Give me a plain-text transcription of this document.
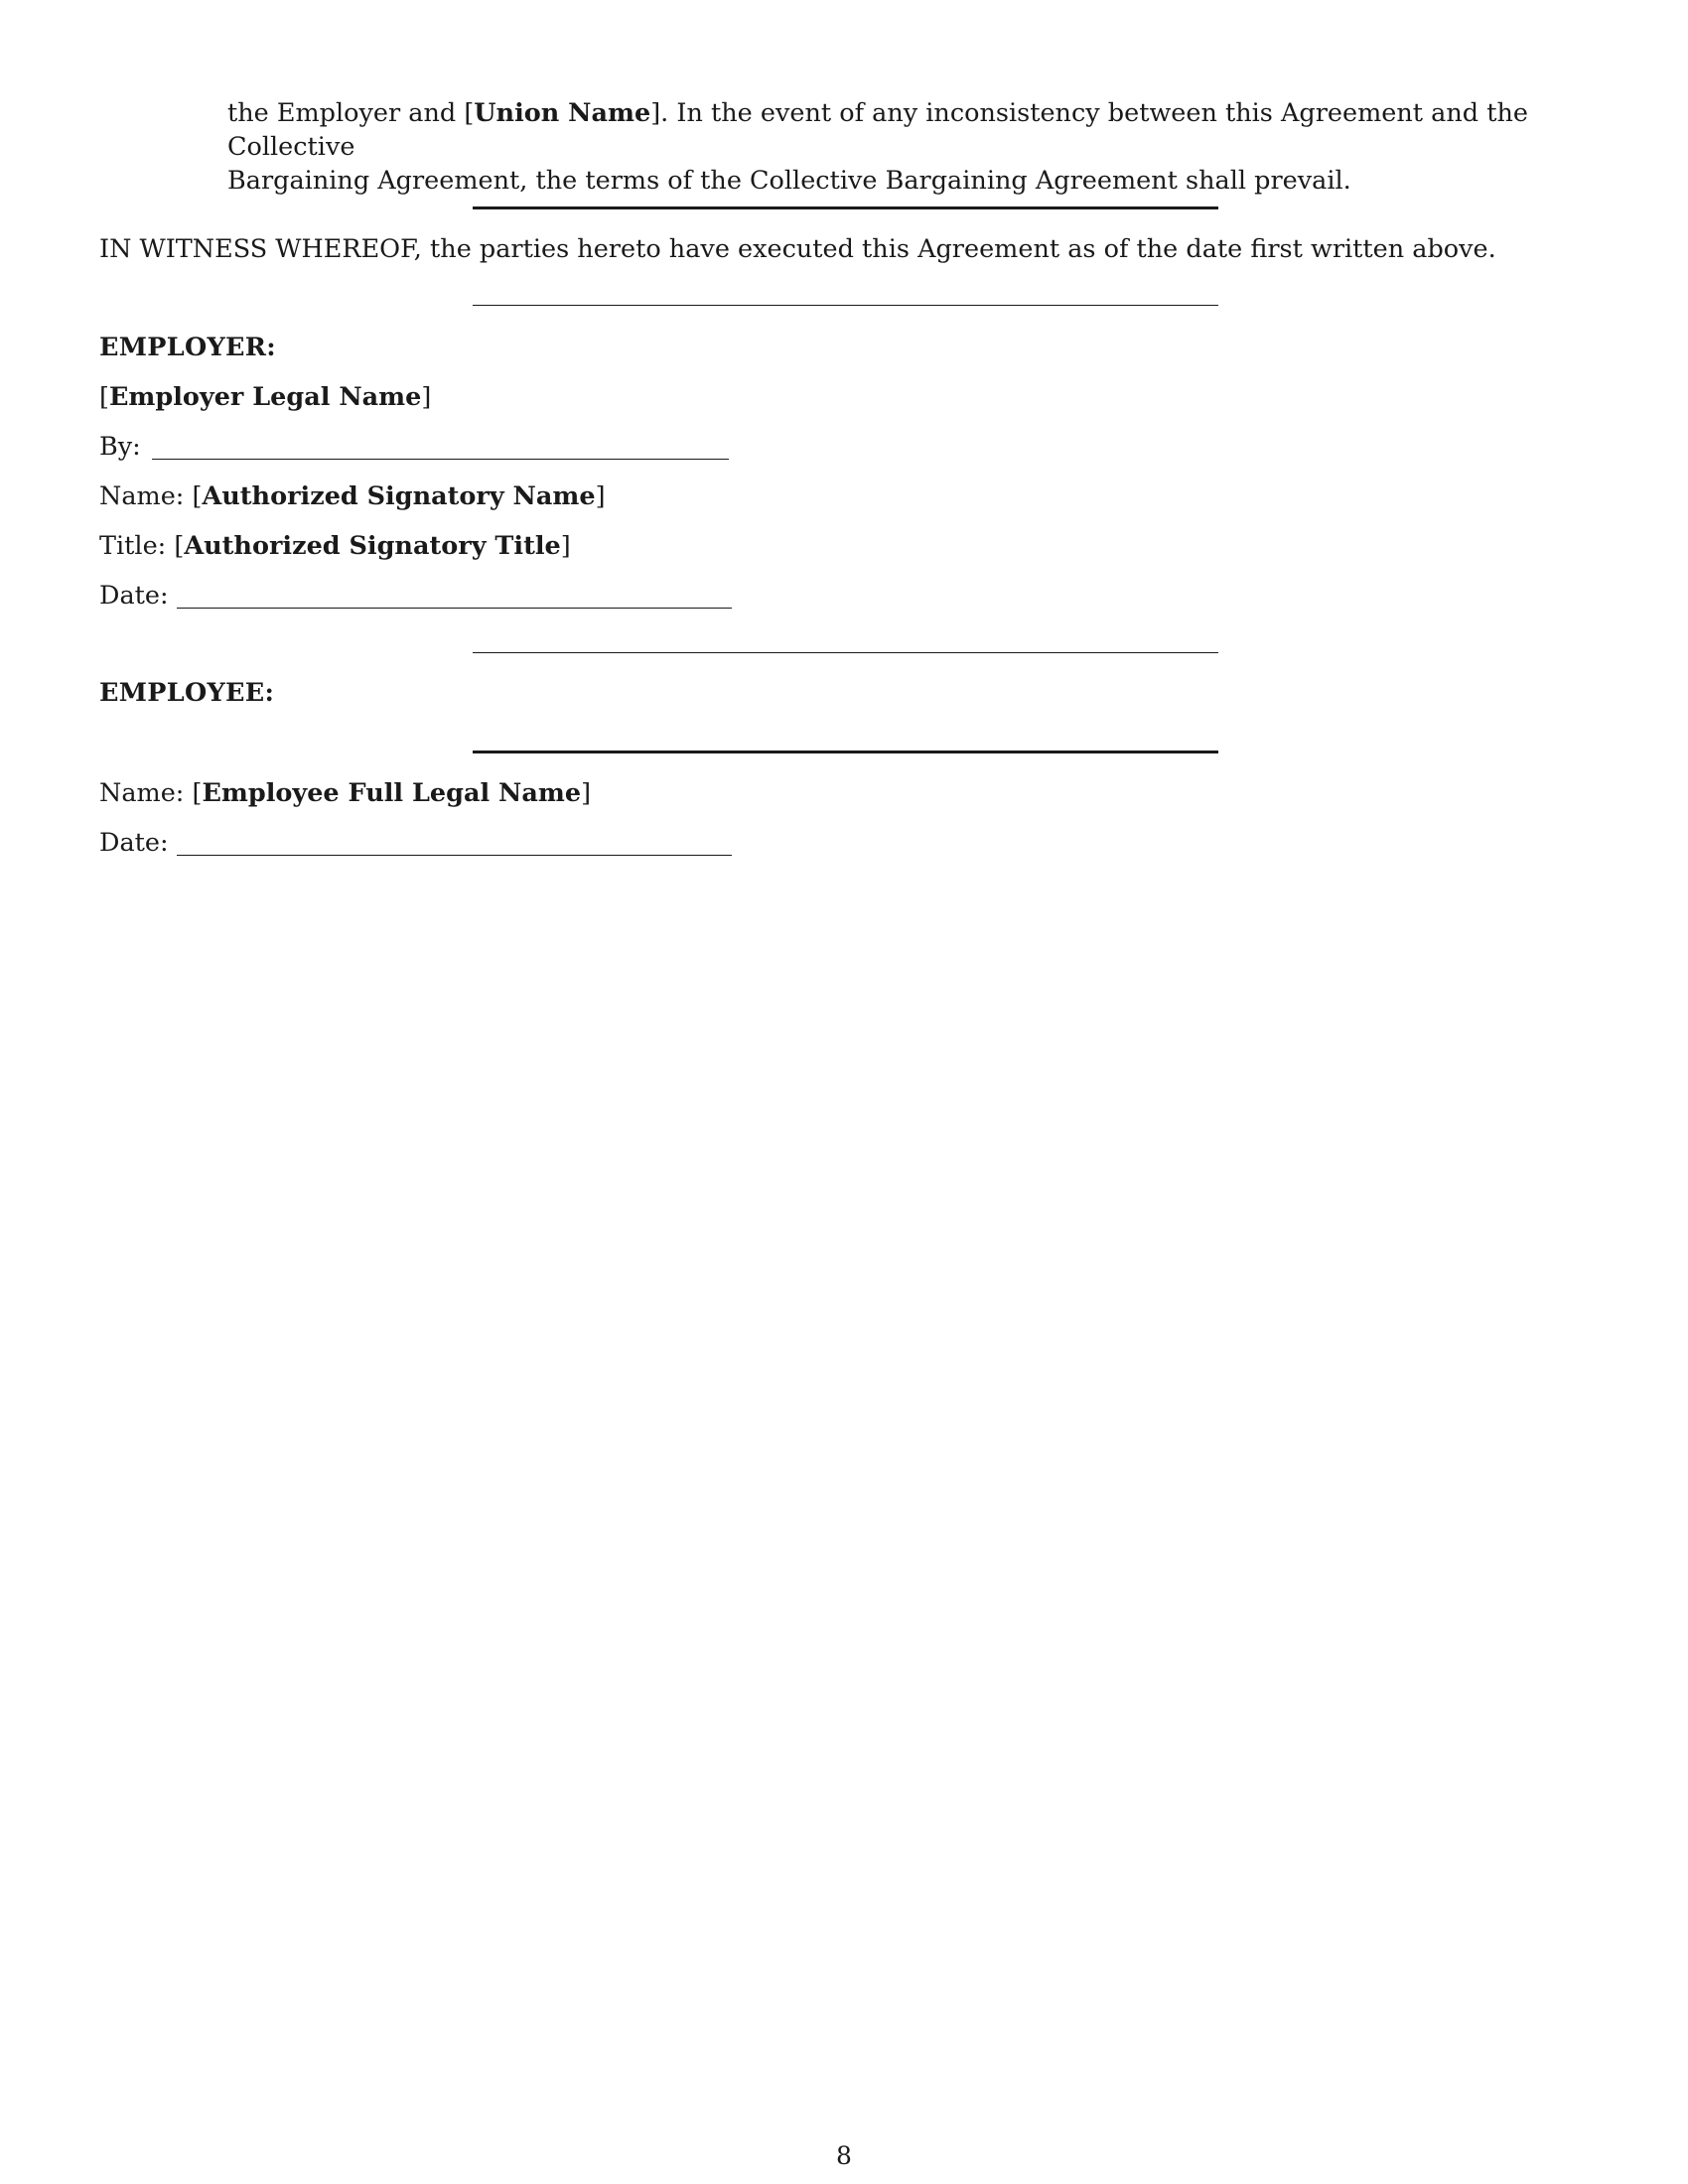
the Employer and [Union Name]. In the event of any inconsistency between this Agreement and the Collective
Bargaining Agreement, the terms of the Collective Bargaining Agreement shall prevail.

IN WITNESS WHEREOF, the parties hereto have executed this Agreement as of the date first written above.

EMPLOYER:

[Employer Legal Name]

By:

Name: [Authorized Signatory Name]

Title: [Authorized Signatory Title]

Date:

EMPLOYEE:

Name: [Employee Full Legal Name]

Date:

8
